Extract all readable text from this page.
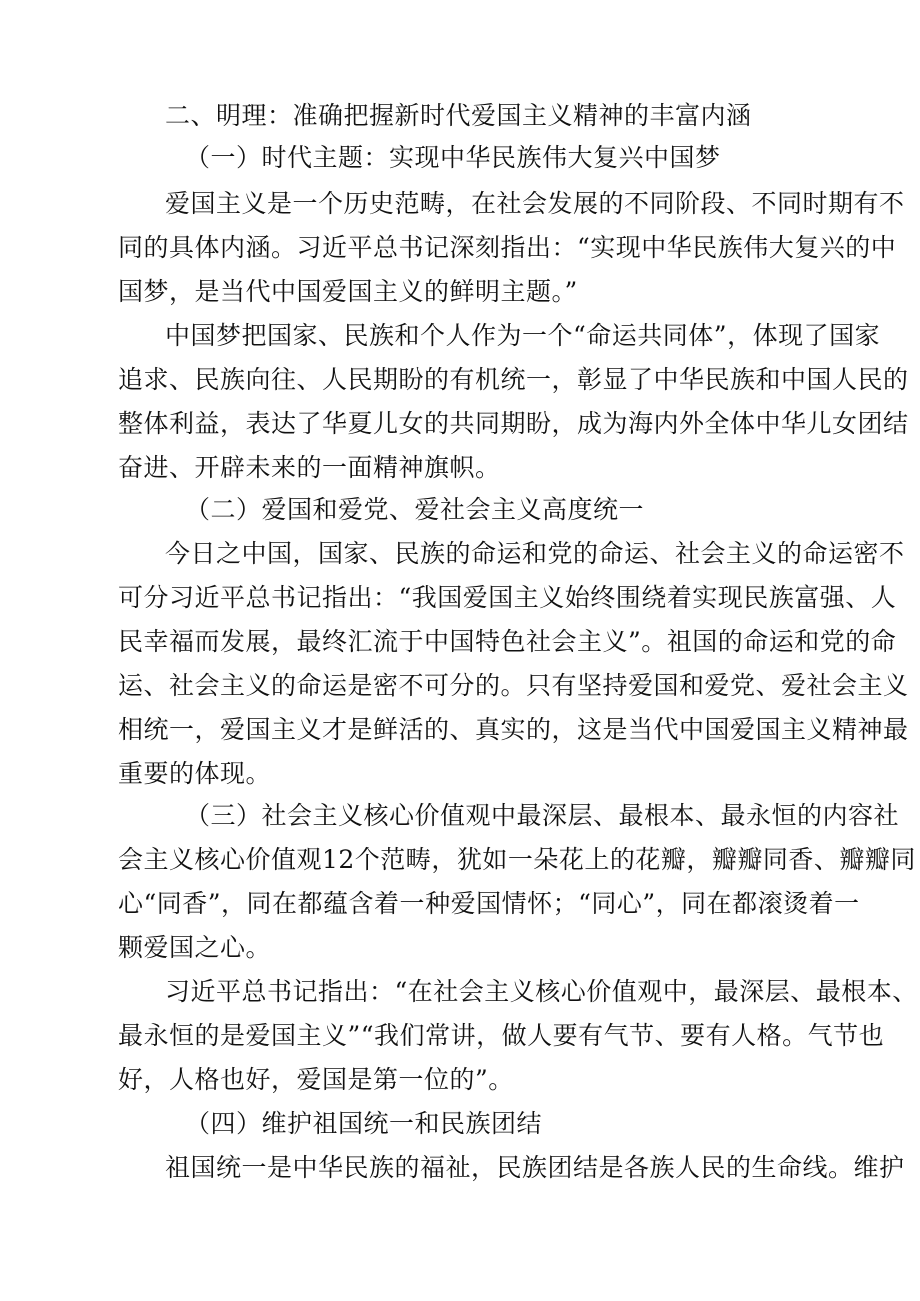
二、明理：准确把握新时代爱国主义精神的丰富内涵
（一）时代主题：实现中华民族伟大复兴中国梦
爱国主义是一个历史范畴，在社会发展的不同阶段、不同时期有不
同的具体内涵。习近平总书记深刻指出：“实现中华民族伟大复兴的中
国梦，是当代中国爱国主义的鲜明主题。”
中国梦把国家、民族和个人作为一个“命运共同体”，体现了国家
追求、民族向往、人民期盼的有机统一，彰显了中华民族和中国人民的
整体利益，表达了华夏儿女的共同期盼，成为海内外全体中华儿女团结
奋进、开辟未来的一面精神旗帜。
（二）爱国和爱党、爱社会主义高度统一
今日之中国，国家、民族的命运和党的命运、社会主义的命运密不
可分习近平总书记指出：“我国爱国主义始终围绕着实现民族富强、人
民幸福而发展，最终汇流于中国特色社会主义”。祖国的命运和党的命
运、社会主义的命运是密不可分的。只有坚持爱国和爱党、爱社会主义
相统一，爱国主义才是鲜活的、真实的，这是当代中国爱国主义精神最
重要的体现。
（三）社会主义核心价值观中最深层、最根本、最永恒的内容社
会主义核心价值观12个范畴，犹如一朵花上的花瓣，瓣瓣同香、瓣瓣同
心“同香”，同在都蕴含着一种爱国情怀；“同心”，同在都滚烫着一
颗爱国之心。
习近平总书记指出：“在社会主义核心价值观中，最深层、最根本、
最永恒的是爱国主义”“我们常讲，做人要有气节、要有人格。气节也
好，人格也好，爱国是第一位的”。
（四）维护祖国统一和民族团结
祖国统一是中华民族的福祉，民族团结是各族人民的生命线。维护
